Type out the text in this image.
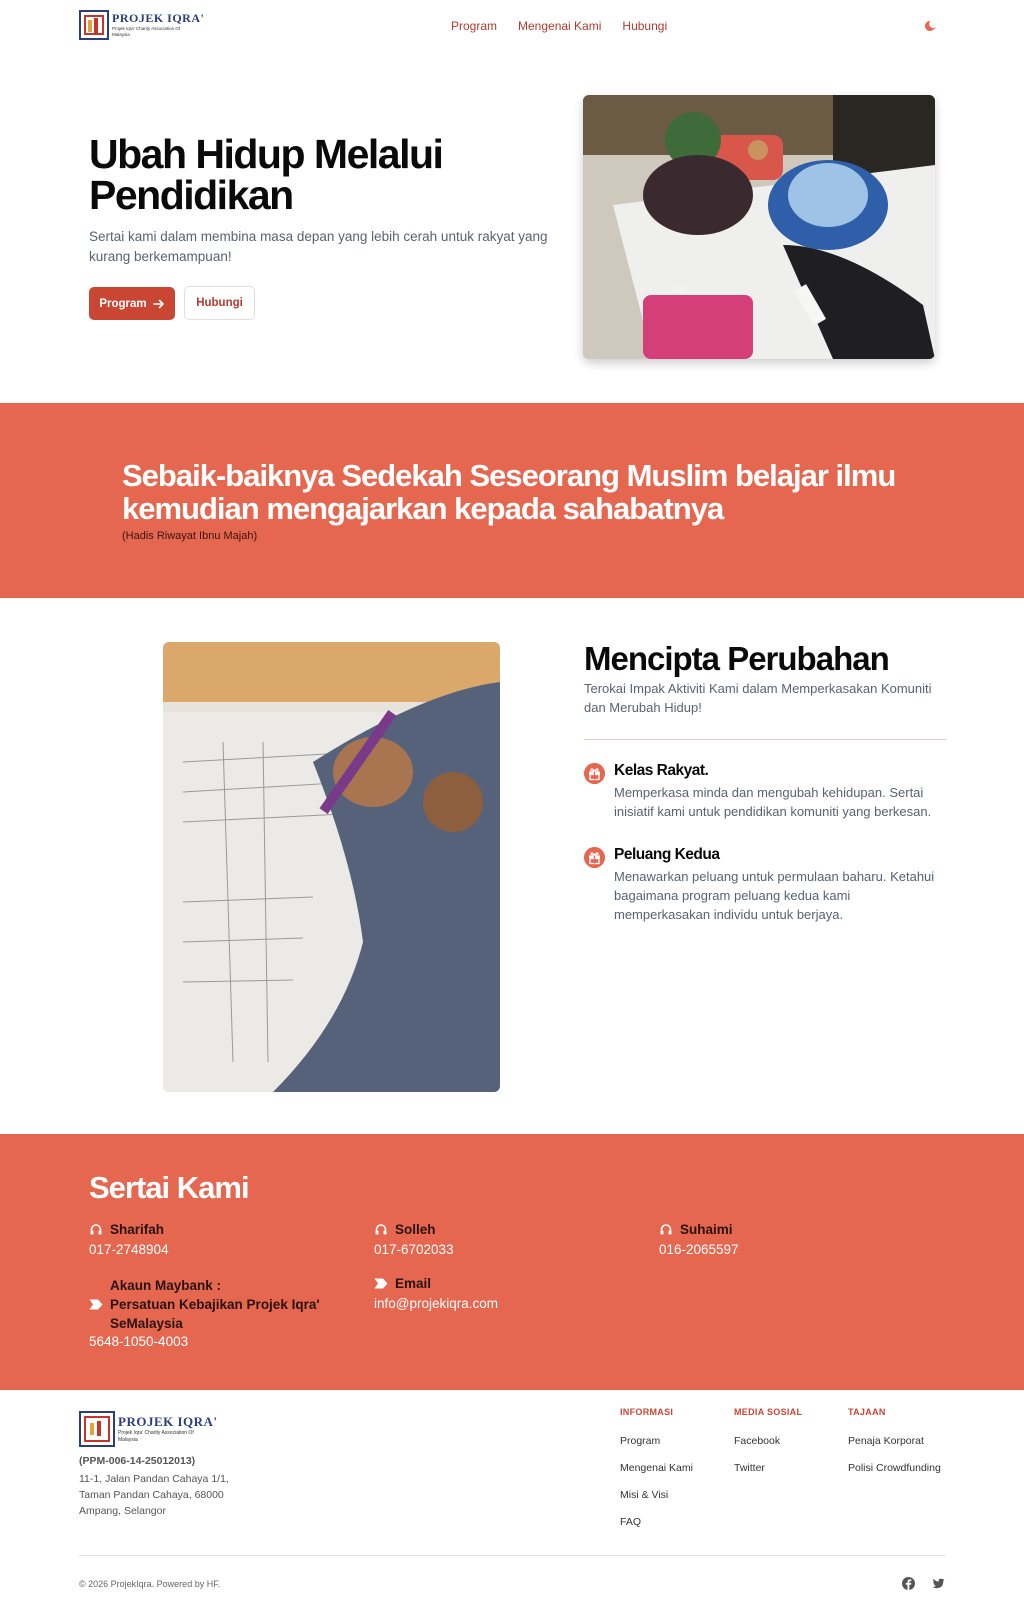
PROJEK IQRA'
Projek Iqra' Charity Association Of Malaysia
Program Mengenai Kami Hubungi
Ubah Hidup Melalui Pendidikan

Sertai kami dalam membina masa depan yang lebih cerah untuk rakyat yang kurang berkemampuan!

Program	Hubungi
Sebaik-baiknya Sedekah Seseorang Muslim belajar ilmu kemudian mengajarkan kepada sahabatnya

(Hadis Riwayat Ibnu Majah)

Mencipta Perubahan

Terokai Impak Aktiviti Kami dalam Memperkasakan Komuniti dan Merubah Hidup!

Kelas Rakyat.
Memperkasa minda dan mengubah kehidupan. Sertai inisiatif kami untuk pendidikan komuniti yang berkesan.
Peluang Kedua
Menawarkan peluang untuk permulaan baharu. Ketahui bagaimana program peluang kedua kami memperkasakan individu untuk berjaya.
Sertai Kami
Sharifah
017-2748904
Solleh
017-6702033
Suhaimi
016-2065597
Akaun Maybank :
Persatuan Kebajikan Projek Iqra'
SeMalaysia
5648-1050-4003
Email
info@projekiqra.com
PROJEK IQRA'
Projek Iqra' Charity Association Of Malaysia
(PPM-006-14-25012013)
11-1, Jalan Pandan Cahaya 1/1, Taman Pandan Cahaya, 68000 Ampang, Selangor
INFORMASI
Program
Mengenai Kami
Misi & Visi
FAQ
MEDIA SOSIAL
Facebook
Twitter
TAJAAN
Penaja Korporat
Polisi Crowdfunding
© 2026 ProjekIqra. Powered by HF.
